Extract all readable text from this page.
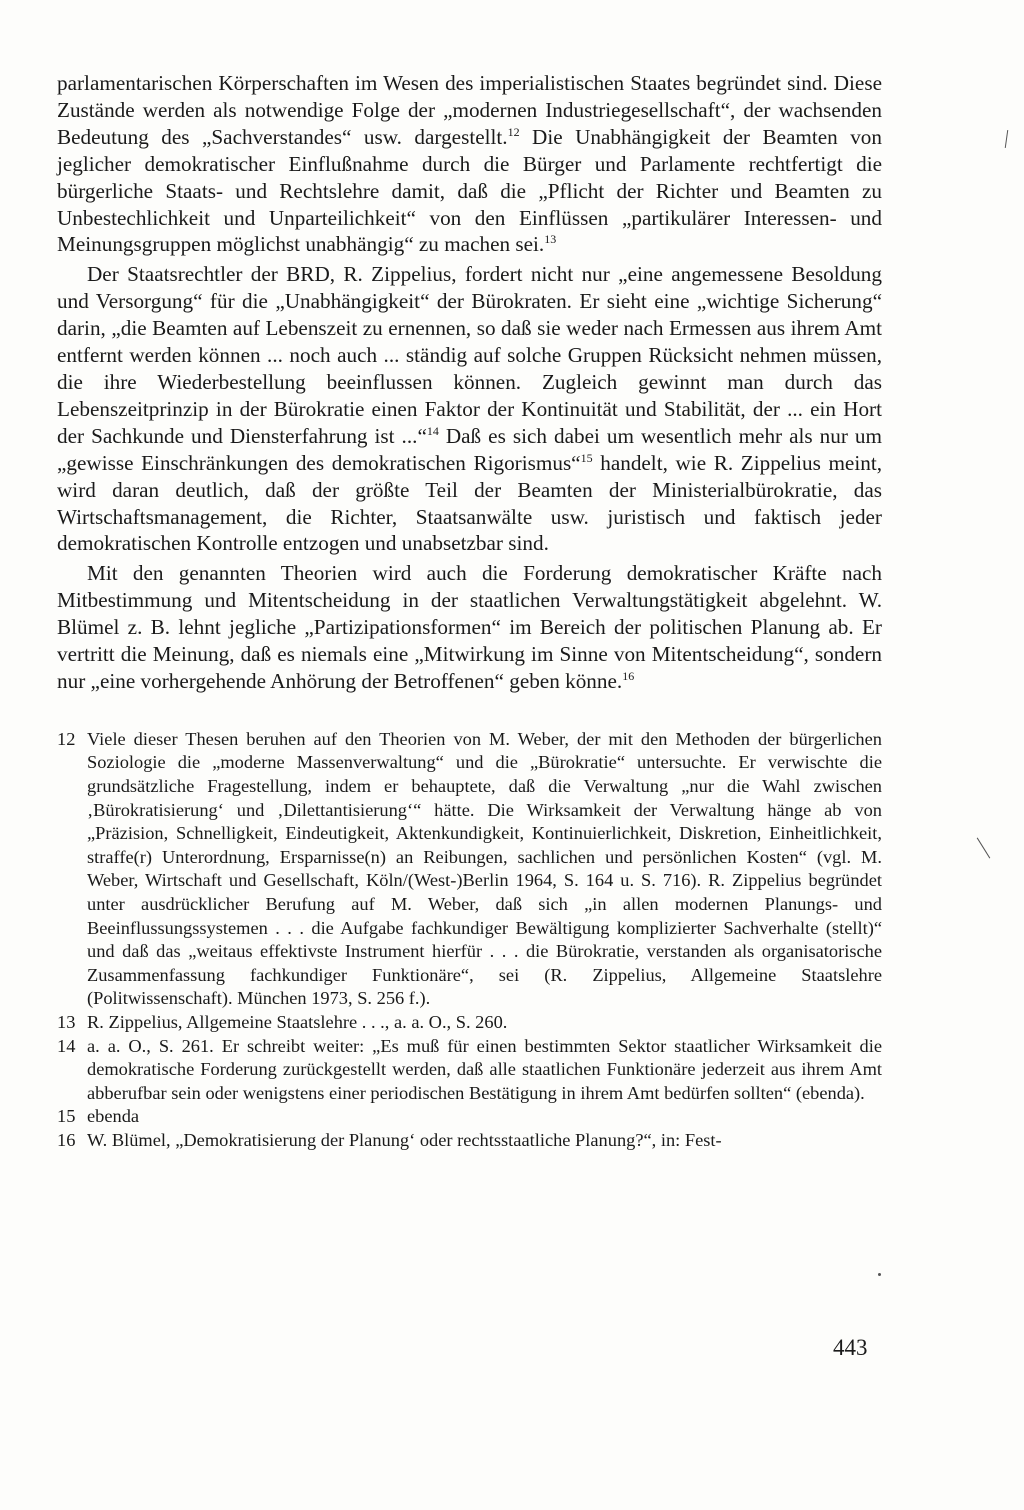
parlamentarischen Körperschaften im Wesen des imperialistischen Staates begründet sind. Diese Zustände werden als notwendige Folge der „modernen Industriegesellschaft“, der wachsenden Bedeutung des „Sachverstandes“ usw. dargestellt.$^{12}$ Die Unabhängigkeit der Beamten von jeglicher demokratischer Einflußnahme durch die Bürger und Parlamente rechtfertigt die bürgerliche Staats- und Rechtslehre damit, daß die „Pflicht der Richter und Beamten zu Unbestechlichkeit und Unparteilichkeit“ von den Einflüssen „partikulärer Interessen- und Meinungsgruppen möglichst unabhängig“ zu machen sei.$^{13}$

Der Staatsrechtler der BRD, R. Zippelius, fordert nicht nur „eine angemessene Besoldung und Versorgung“ für die „Unabhängigkeit“ der Bürokraten. Er sieht eine „wichtige Sicherung“ darin, „die Beamten auf Lebenszeit zu ernennen, so daß sie weder nach Ermessen aus ihrem Amt entfernt werden können ... noch auch ... ständig auf solche Gruppen Rücksicht nehmen müssen, die ihre Wiederbestellung beeinflussen können. Zugleich gewinnt man durch das Lebenszeitprinzip in der Bürokratie einen Faktor der Kontinuität und Stabilität, der ... ein Hort der Sachkunde und Diensterfahrung ist ...“$^{14}$ Daß es sich dabei um wesentlich mehr als nur um „gewisse Einschränkungen des demokratischen Rigorismus“$^{15}$ handelt, wie R. Zippelius meint, wird daran deutlich, daß der größte Teil der Beamten der Ministerialbürokratie, das Wirtschaftsmanagement, die Richter, Staatsanwälte usw. juristisch und faktisch jeder demokratischen Kontrolle entzogen und unabsetzbar sind.

Mit den genannten Theorien wird auch die Forderung demokratischer Kräfte nach Mitbestimmung und Mitentscheidung in der staatlichen Verwaltungstätigkeit abgelehnt. W. Blümel z. B. lehnt jegliche „Partizipationsformen“ im Bereich der politischen Planung ab. Er vertritt die Meinung, daß es niemals eine „Mitwirkung im Sinne von Mitentscheidung“, sondern nur „eine vorhergehende Anhörung der Betroffenen“ geben könne.$^{16}$

12 Viele dieser Thesen beruhen auf den Theorien von M. Weber, der mit den Methoden der bürgerlichen Soziologie die „moderne Massenverwaltung“ und die „Bürokratie“ untersuchte. Er verwischte die grundsätzliche Fragestellung, indem er behauptete, daß die Verwaltung „nur die Wahl zwischen ‚Bürokratisierung‘ und ‚Dilettantisierung‘“ hätte. Die Wirksamkeit der Verwaltung hänge ab von „Präzision, Schnelligkeit, Eindeutigkeit, Aktenkundigkeit, Kontinuierlichkeit, Diskretion, Einheitlichkeit, straffe(r) Unterordnung, Ersparnisse(n) an Reibungen, sachlichen und persönlichen Kosten“ (vgl. M. Weber, Wirtschaft und Gesellschaft, Köln/(West-)Berlin 1964, S. 164 u. S. 716). R. Zippelius begründet unter ausdrücklicher Berufung auf M. Weber, daß sich „in allen modernen Planungs- und Beeinflussungssystemen . . . die Aufgabe fachkundiger Bewältigung komplizierter Sachverhalte (stellt)“ und daß das „weitaus effektivste Instrument hierfür . . . die Bürokratie, verstanden als organisatorische Zusammenfassung fachkundiger Funktionäre“, sei (R. Zippelius, Allgemeine Staatslehre (Politwissenschaft). München 1973, S. 256 f.).
13 R. Zippelius, Allgemeine Staatslehre . . ., a. a. O., S. 260.
14 a. a. O., S. 261. Er schreibt weiter: „Es muß für einen bestimmten Sektor staatlicher Wirksamkeit die demokratische Forderung zurückgestellt werden, daß alle staatlichen Funktionäre jederzeit aus ihrem Amt abberufbar sein oder wenigstens einer periodischen Bestätigung in ihrem Amt bedürfen sollten“ (ebenda).
15 ebenda
16 W. Blümel, „Demokratisierung der Planung‘ oder rechtsstaatliche Planung?“, in: Fest-
443
